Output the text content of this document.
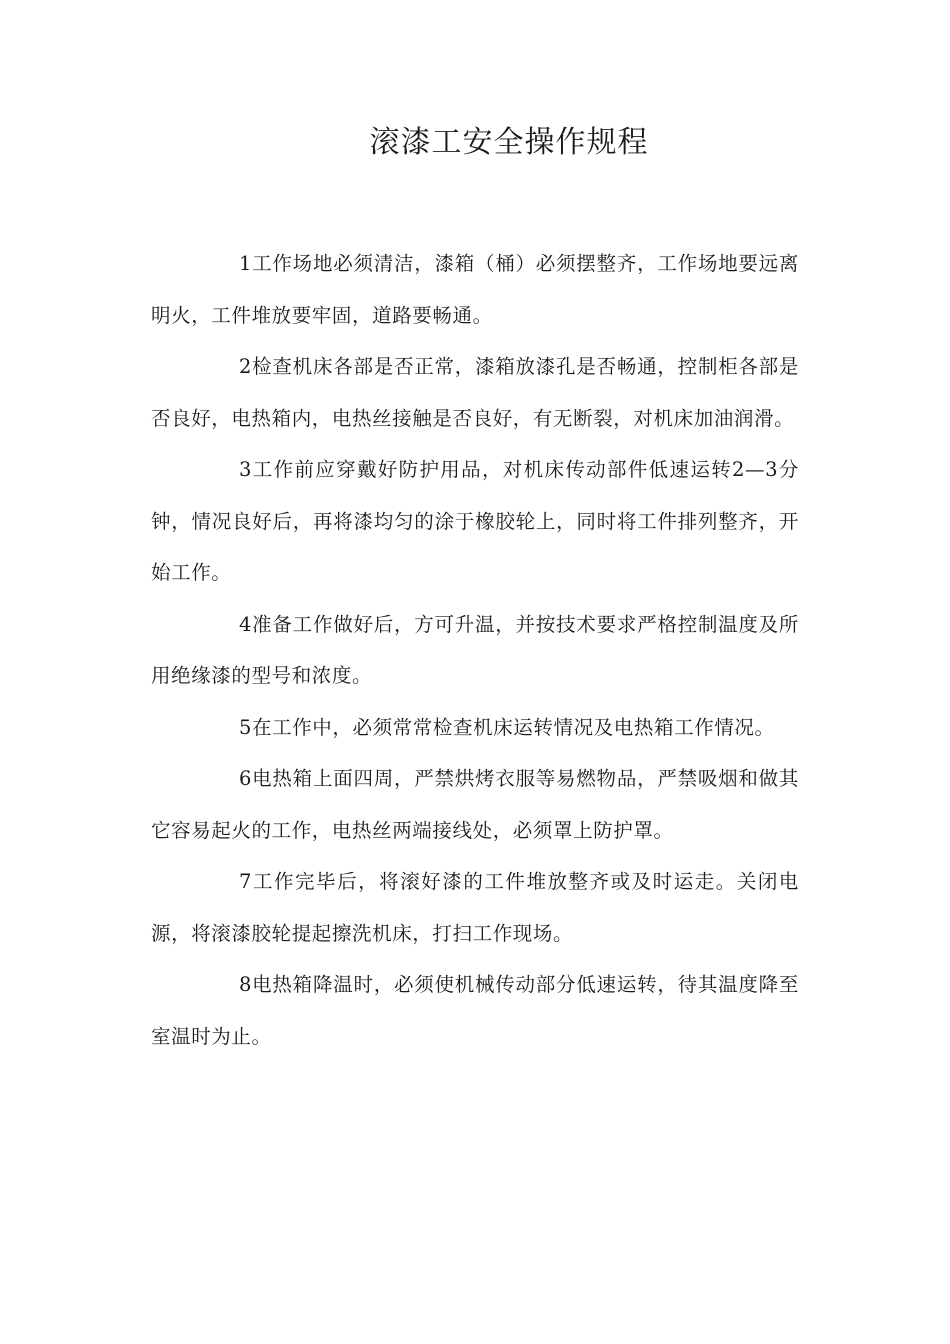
滚漆工安全操作规程

1工作场地必须清洁，漆箱（桶）必须摆整齐，工作场地要远离明火，工件堆放要牢固，道路要畅通。

2检查机床各部是否正常，漆箱放漆孔是否畅通，控制柜各部是否良好，电热箱内，电热丝接触是否良好，有无断裂，对机床加油润滑。

3工作前应穿戴好防护用品，对机床传动部件低速运转2—3分钟，情况良好后，再将漆均匀的涂于橡胶轮上，同时将工件排列整齐，开始工作。

4准备工作做好后，方可升温，并按技术要求严格控制温度及所用绝缘漆的型号和浓度。

5在工作中，必须常常检查机床运转情况及电热箱工作情况。

6电热箱上面四周，严禁烘烤衣服等易燃物品，严禁吸烟和做其它容易起火的工作，电热丝两端接线处，必须罩上防护罩。

7工作完毕后，将滚好漆的工件堆放整齐或及时运走。关闭电源，将滚漆胶轮提起擦洗机床，打扫工作现场。

8电热箱降温时，必须使机械传动部分低速运转，待其温度降至室温时为止。
